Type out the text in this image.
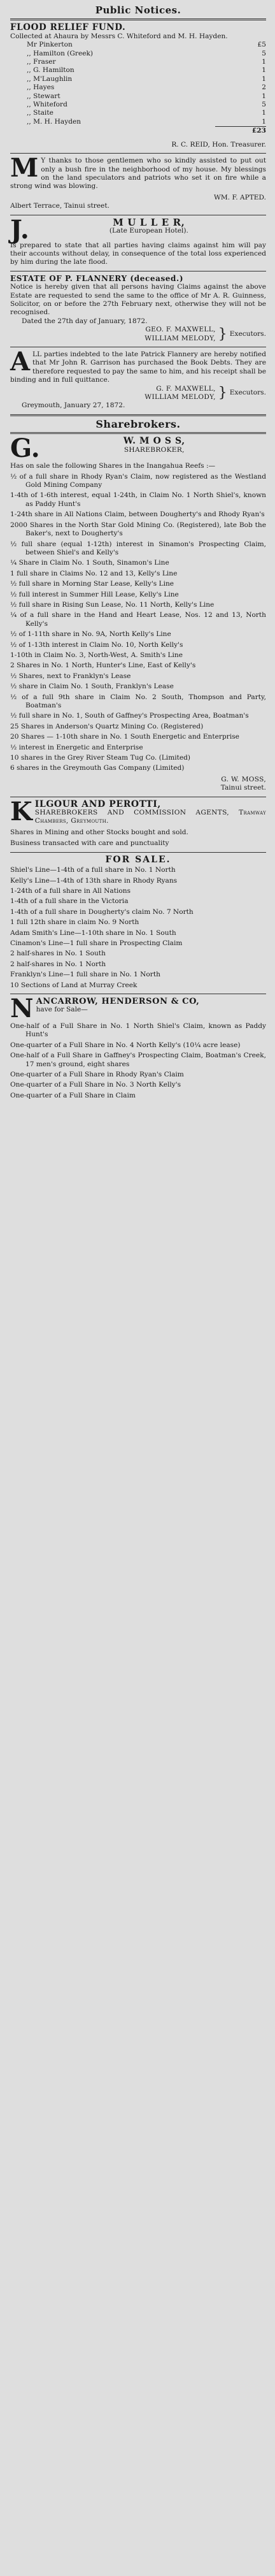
Public Notices.
FLOOD RELIEF FUND.

Collected at Ahaura by Messrs C. Whiteford and M. H. Hayden.

Mr Pinkerton	£5
,, Hamilton (Greek)	5
,, Fraser	1
,, G. Hamilton	1
,, M'Laughlin	1
,, Hayes	2
,, Stewart	1
,, Whiteford	5
,, Staite	1
,, M. H. Hayden	1
£23
R. C. REID, Hon. Treasurer.
M Y thanks to those gentlemen who so kindly assisted to put out only a bush fire in the neighborhood of my house. My blessings on the land speculators and patriots who set it on fire while a strong wind was blowing.

WM. F. APTED.
Albert Terrace, Tainui street.
J.	M U L L E R,
(Late European Hotel).

Is prepared to state that all parties having claims against him will pay their accounts without delay, in consequence of the total loss experienced by him during the late flood.

ESTATE OF P. FLANNERY (deceased.)

Notice is hereby given that all persons having Claims against the above Estate are requested to send the same to the office of Mr A. R. Guinness, Solicitor, on or before the 27th February next, otherwise they will not be recognised.

Dated the 27th day of January, 1872.
GEO. F. MAXWELL,
WILLIAM MELODY, } Executors.
A LL parties indebted to the late Patrick Flannery are hereby notified that Mr John R. Garrison has purchased the Book Debts. They are therefore requested to pay the same to him, and his receipt shall be binding and in full quittance.

G. F. MAXWELL,
WILLIAM MELODY, } Executors.
Greymouth, January 27, 1872.
Sharebrokers.
G.	W. M O S S,
SHAREBROKER,

Has on sale the following Shares in the Inangahua Reefs :—

½ of a full share in Rhody Ryan's Claim, now registered as the Westland Gold Mining Company

1-4th of 1-6th interest, equal 1-24th, in Claim No. 1 North Shiel's, known as Paddy Hunt's

1-24th share in All Nations Claim, between Dougherty's and Rhody Ryan's

2000 Shares in the North Star Gold Mining Co. (Registered), late Bob the Baker's, next to Dougherty's

½ full share (equal 1-12th) interest in Sinamon's Prospecting Claim, between Shiel's and Kelly's

¼ Share in Claim No. 1 South, Sinamon's Line

1 full share in Claims No. 12 and 13, Kelly's Line

½ full share in Morning Star Lease, Kelly's Line

½ full interest in Summer Hill Lease, Kelly's Line

½ full share in Rising Sun Lease, No. 11 North, Kelly's Line

¼ of a full share in the Hand and Heart Lease, Nos. 12 and 13, North Kelly's

½ of 1-11th share in No. 9A, North Kelly's Line

½ of 1-13th interest in Claim No. 10, North Kelly's

1-10th in Claim No. 3, North-West, A. Smith's Line

2 Shares in No. 1 North, Hunter's Line, East of Kelly's

½ Shares, next to Franklyn's Lease

½ share in Claim No. 1 South, Franklyn's Lease

½ of a full 9th share in Claim No. 2 South, Thompson and Party, Boatman's

½ full share in No. 1, South of Gaffney's Prospecting Area, Boatman's

25 Shares in Anderson's Quartz Mining Co. (Registered)

20 Shares — 1-10th share in No. 1 South Energetic and Enterprise

½ interest in Energetic and Enterprise

10 shares in the Grey River Steam Tug Co. (Limited)

6 shares in the Greymouth Gas Company (Limited)

G. W. MOSS,
Tainui street.
K ILGOUR AND PEROTTI,
SHAREBROKERS AND COMMISSION AGENTS, Tramway Chambers, Greymouth.

Shares in Mining and other Stocks bought and sold.

Business transacted with care and punctuality

FOR SALE.

Shiel's Line—1-4th of a full share in No. 1 North

Kelly's Line—1-4th of 13th share in Rhody Ryans

1-24th of a full share in All Nations

1-4th of a full share in the Victoria

1-4th of a full share in Dougherty's claim No. 7 North

1 full 12th share in claim No. 9 North

Adam Smith's Line—1-10th share in No. 1 South

Cinamon's Line—1 full share in Prospecting Claim

2 half-shares in No. 1 South

2 half-shares in No. 1 North

Franklyn's Line—1 full share in No. 1 North

10 Sections of Land at Murray Creek

N ANCARROW, HENDERSON & CO,
have for Sale—

One-half of a Full Share in No. 1 North Shiel's Claim, known as Paddy Hunt's

One-quarter of a Full Share in No. 4 North Kelly's (10¼ acre lease)

One-half of a Full Share in Gaffney's Prospecting Claim, Boatman's Creek, 17 men's ground, eight shares

One-quarter of a Full Share in Rhody Ryan's Claim

One-quarter of a Full Share in No. 3 North Kelly's

One-quarter of a Full Share in Claim
